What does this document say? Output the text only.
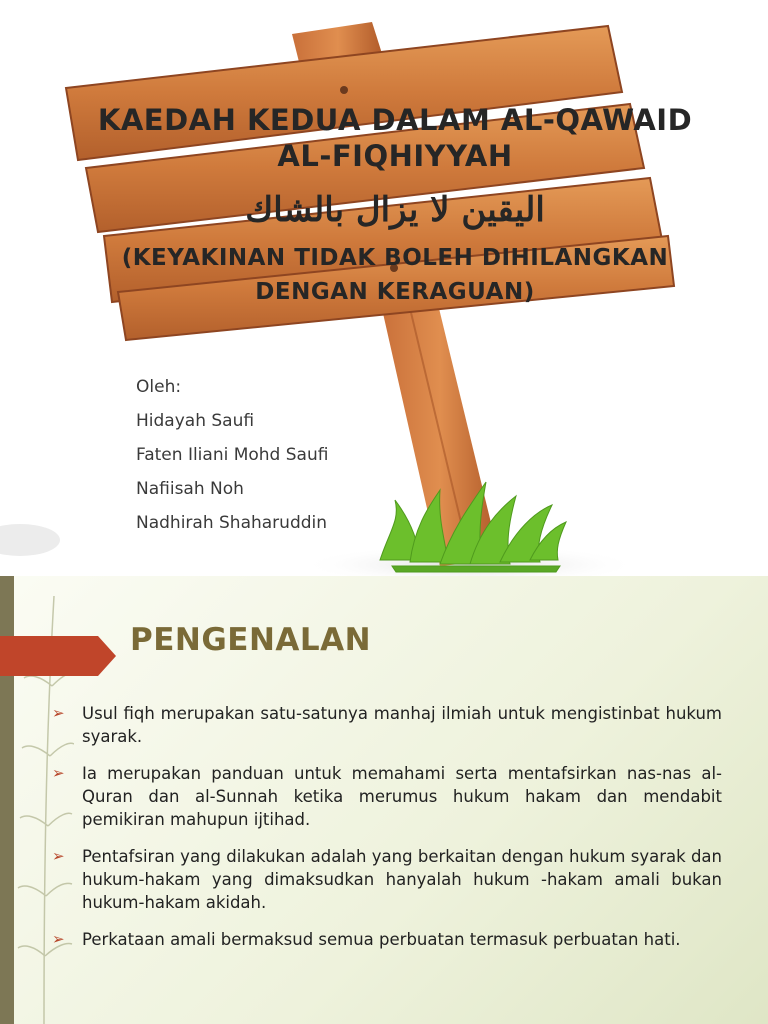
KAEDAH KEDUA DALAM AL-QAWAID
AL-FIQHIYYAH
اليقين لا يزال بالشاك
(KEYAKINAN TIDAK BOLEH DIHILANGKAN
DENGAN KERAGUAN)
Oleh:
Hidayah Saufi
Faten Iliani Mohd Saufi
Nafiisah Noh
Nadhirah Shaharuddin
PENGENALAN
➢ Usul fiqh merupakan satu-satunya manhaj ilmiah untuk mengistinbat hukum syarak.
➢ Ia merupakan panduan untuk memahami serta mentafsirkan nas-nas al-Quran dan al-Sunnah ketika merumus hukum hakam dan mendabit pemikiran mahupun ijtihad.
➢ Pentafsiran yang dilakukan adalah yang berkaitan dengan hukum syarak dan hukum-hakam yang dimaksudkan hanyalah hukum -hakam amali bukan hukum-hakam akidah.
➢ Perkataan amali bermaksud semua perbuatan termasuk perbuatan hati.
